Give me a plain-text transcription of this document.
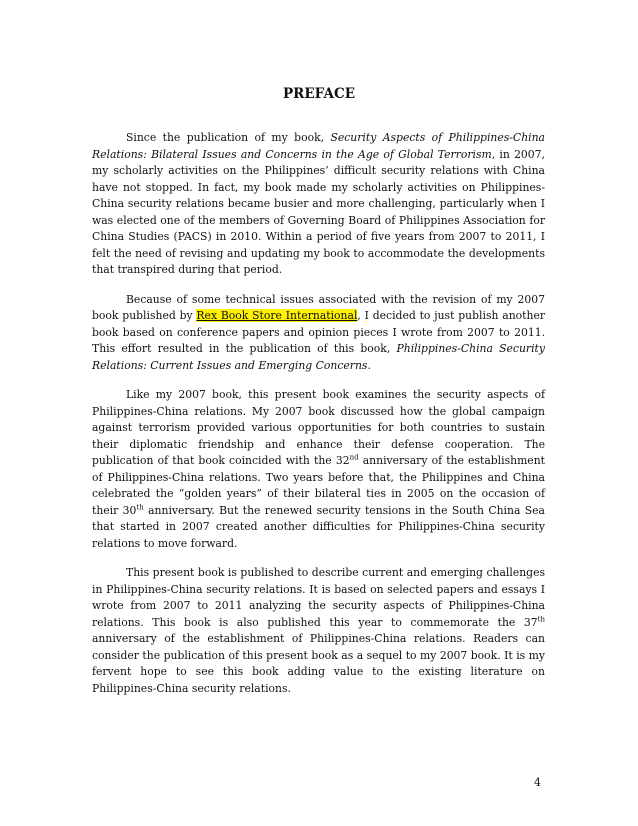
PREFACE

Since the publication of my book, Security Aspects of Philippines-China Relations: Bilateral Issues and Concerns in the Age of Global Terrorism, in 2007, my scholarly activities on the Philippines’ difficult security relations with China have not stopped. In fact, my book made my scholarly activities on Philippines-China security relations became busier and more challenging, particularly when I was elected one of the members of Governing Board of Philippines Association for China Studies (PACS) in 2010. Within a period of five years from 2007 to 2011, I felt the need of revising and updating my book to accommodate the developments that transpired during that period.

Because of some technical issues associated with the revision of my 2007 book published by Rex Book Store International, I decided to just publish another book based on conference papers and opinion pieces I wrote from 2007 to 2011. This effort resulted in the publication of this book, Philippines-China Security Relations: Current Issues and Emerging Concerns.

Like my 2007 book, this present book examines the security aspects of Philippines-China relations. My 2007 book discussed how the global campaign against terrorism provided various opportunities for both countries to sustain their diplomatic friendship and enhance their defense cooperation. The publication of that book coincided with the 32nd anniversary of the establishment of Philippines-China relations. Two years before that, the Philippines and China celebrated the “golden years” of their bilateral ties in 2005 on the occasion of their 30th anniversary. But the renewed security tensions in the South China Sea that started in 2007 created another difficulties for Philippines-China security relations to move forward.

This present book is published to describe current and emerging challenges in Philippines-China security relations. It is based on selected papers and essays I wrote from 2007 to 2011 analyzing the security aspects of Philippines-China relations. This book is also published this year to commemorate the 37th anniversary of the establishment of Philippines-China relations. Readers can consider the publication of this present book as a sequel to my 2007 book. It is my fervent hope to see this book adding value to the existing literature on Philippines-China security relations.

4
